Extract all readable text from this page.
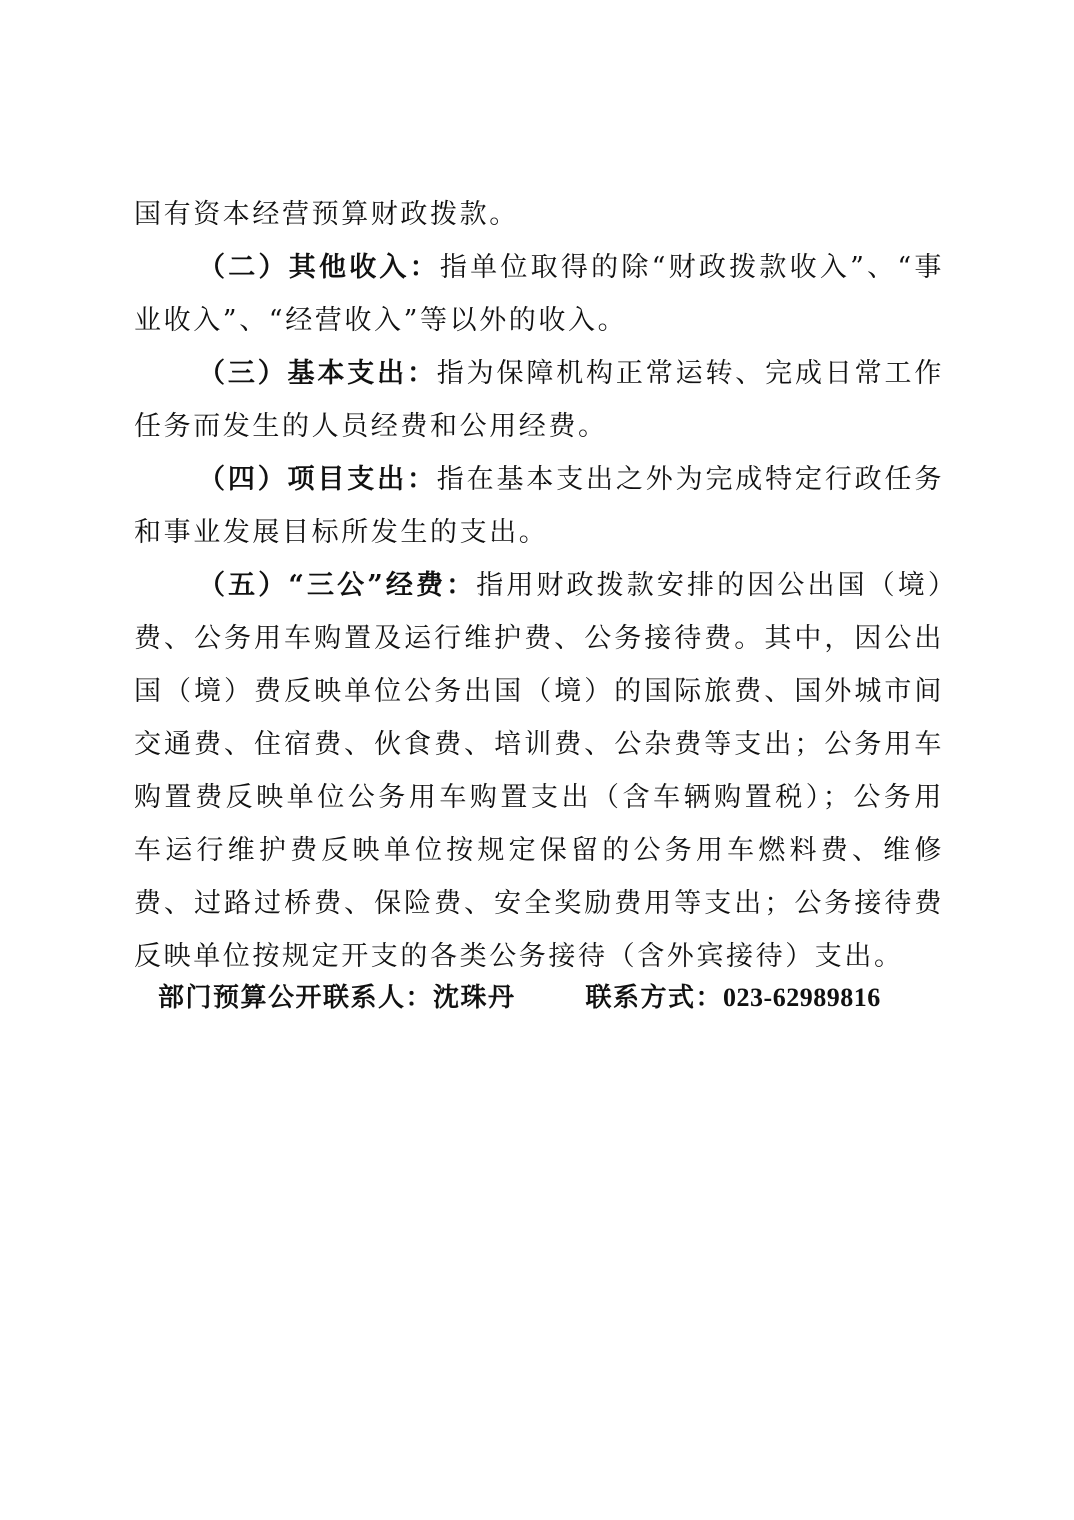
国有资本经营预算财政拨款。

（二）其他收入：指单位取得的除“财政拨款收入”、“事业收入”、“经营收入”等以外的收入。

（三）基本支出：指为保障机构正常运转、完成日常工作任务而发生的人员经费和公用经费。

（四）项目支出：指在基本支出之外为完成特定行政任务和事业发展目标所发生的支出。

（五）“三公”经费：指用财政拨款安排的因公出国（境）费、公务用车购置及运行维护费、公务接待费。其中，因公出国（境）费反映单位公务出国（境）的国际旅费、国外城市间交通费、住宿费、伙食费、培训费、公杂费等支出；公务用车购置费反映单位公务用车购置支出（含车辆购置税）；公务用车运行维护费反映单位按规定保留的公务用车燃料费、维修费、过路过桥费、保险费、安全奖励费用等支出；公务接待费反映单位按规定开支的各类公务接待（含外宾接待）支出。

部门预算公开联系人：沈珠丹	联系方式：023-62989816
